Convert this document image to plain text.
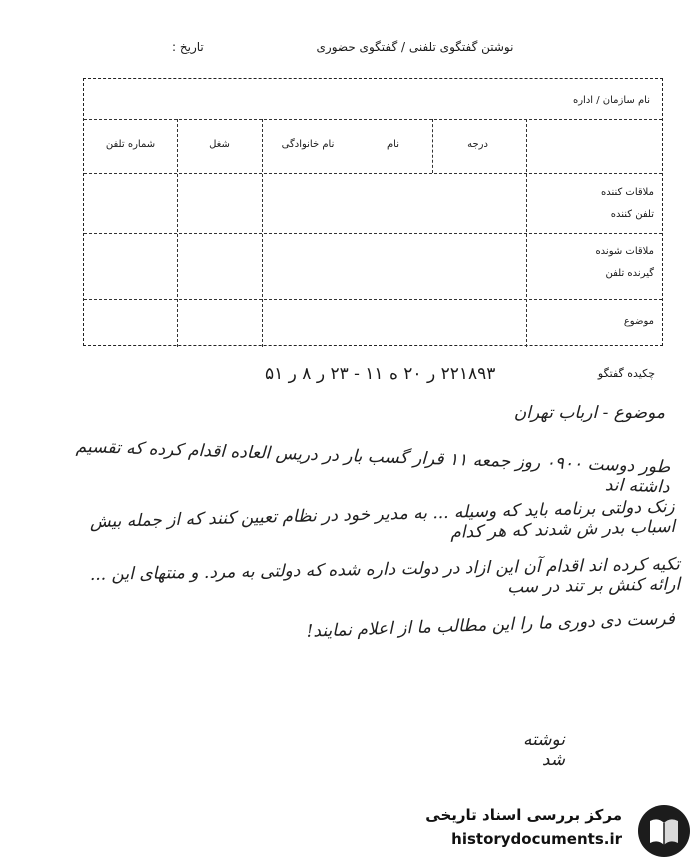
نوشتن گفتگوی تلفنی / گفتگوی حضوری
تاریخ :
نام سازمان / اداره
درجه
نام
نام خانوادگی
شغل
شماره تلفن
ملاقات کننده
تلفن کننده
ملاقات شونده
گیرنده تلفن
موضوع
چکیده گفتگو
۲۲۱۸۹۳ ر ۲۰ ه ۱۱ - ۲۳ ر ۸ ر ۵۱
موضوع - ارباب تهران
طور دوست ۰۹۰۰ روز جمعه ۱۱ قرار گسب بار در دریس العاده اقدام کرده که تقسیم داشته اند
زنک دولتی برنامه باید که وسیله ... به مدیر خود در نظام تعیین کنند که از جمله بیش اسباب بدر ش شدند که هر کدام
تکیه کرده اند اقدام آن این ازاد در دولت داره شده که دولتی به مرد. و منتهای این ... ارائه کنش بر تند در سب
فرست دی دوری ما را این مطالب ما از اعلام نمایند!
نوشته شد
مرکز بررسی اسناد تاریخی
historydocuments.ir
